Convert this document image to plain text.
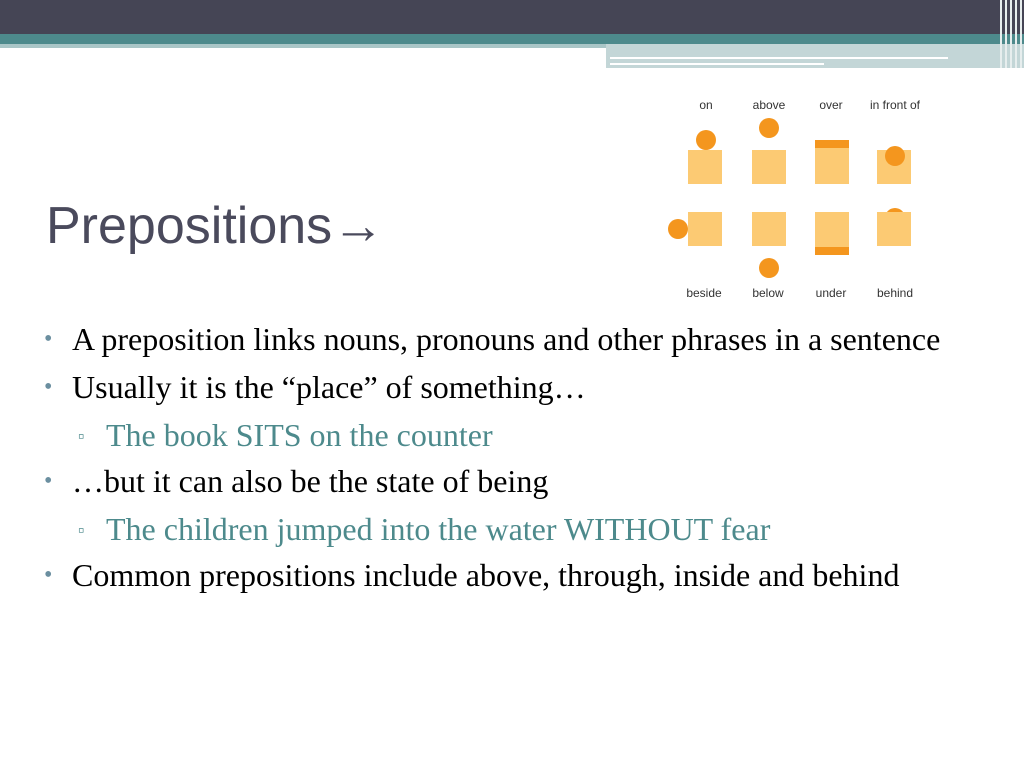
Prepositions→
on	above	over in front of
beside	below	under	behind
• A preposition links nouns, pronouns and other phrases in a sentence
• Usually it is the “place” of something…
▫ The book SITS on the counter
• …but it can also be the state of being
▫ The children jumped into the water WITHOUT fear
• Common prepositions include above, through, inside and behind
